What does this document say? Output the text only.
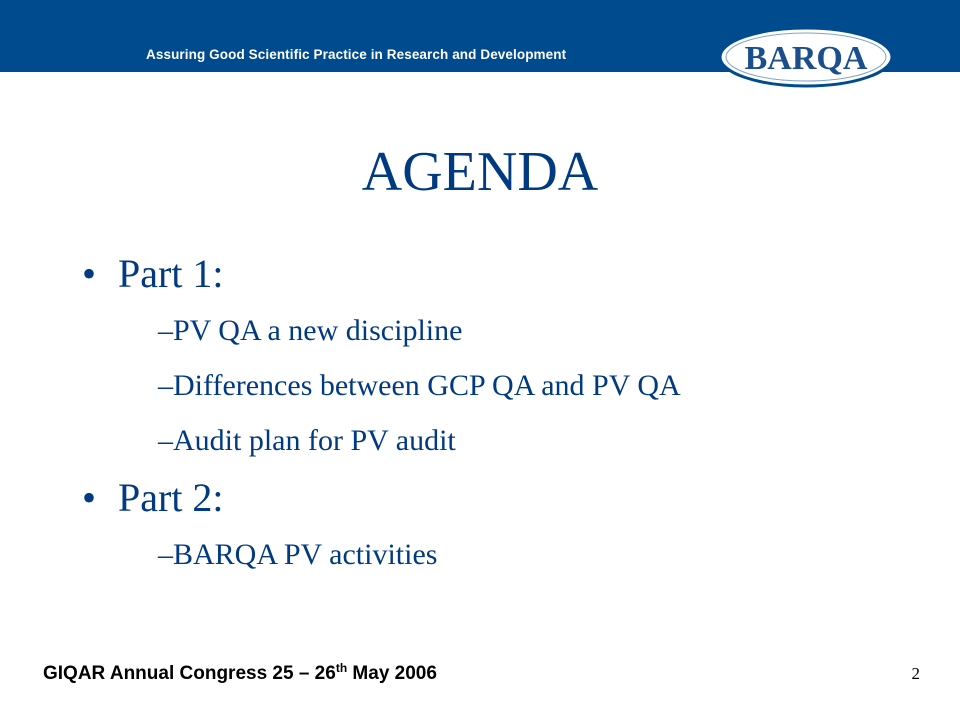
Assuring Good Scientific Practice in Research and Development	BARQA
AGENDA
• Part 1:
–PV QA a new discipline
–Differences between GCP QA and PV QA
–Audit plan for PV audit
• Part 2:
–BARQA PV activities
GIQAR Annual Congress 25 – 26th May 2006	2
